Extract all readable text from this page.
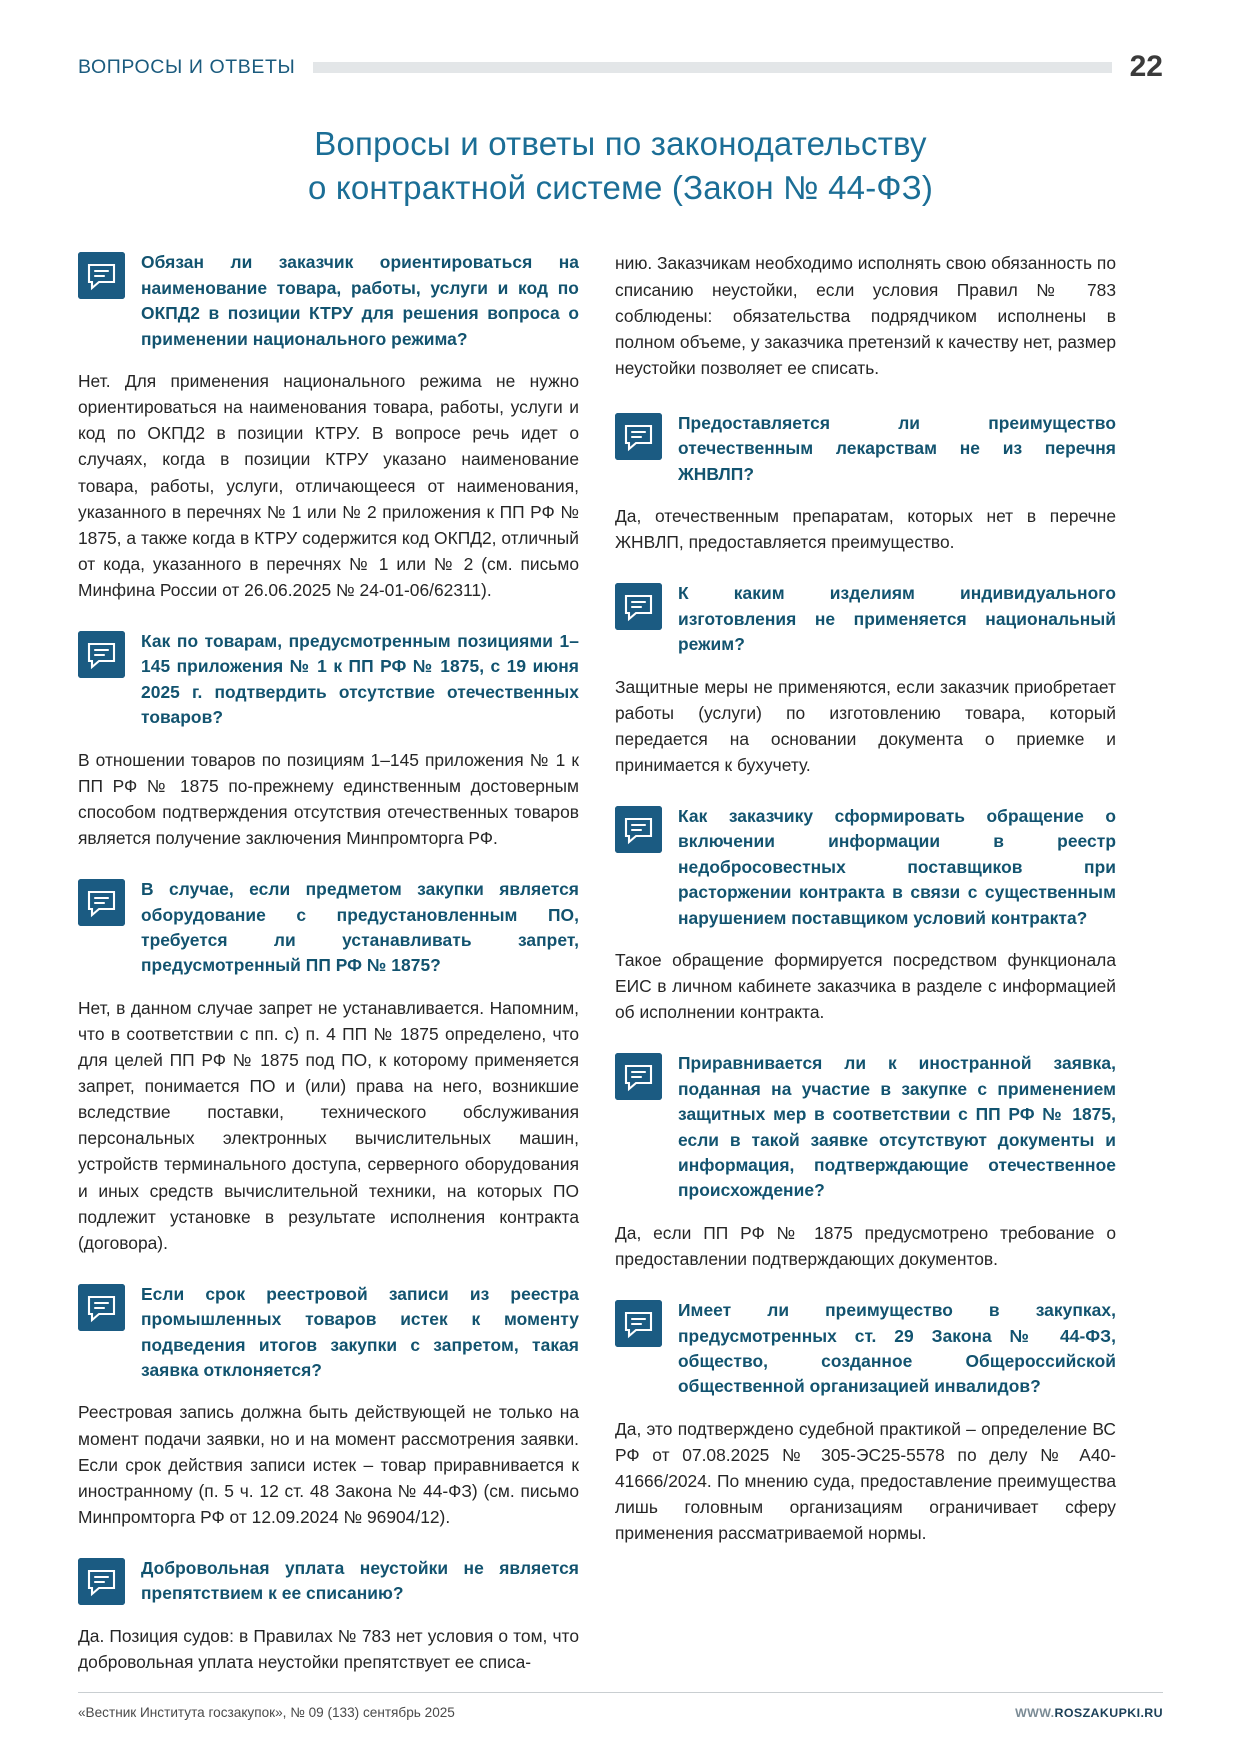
ВОПРОСЫ И ОТВЕТЫ	22
Вопросы и ответы по законодательству
о контрактной системе (Закон № 44-ФЗ)
Обязан ли заказчик ориентироваться на наименование товара, работы, услуги и код по ОКПД2 в позиции КТРУ для решения вопроса о применении национального режима?

Нет. Для применения национального режима не нужно ориентироваться на наименования товара, работы, услуги и код по ОКПД2 в позиции КТРУ. В вопросе речь идет о случаях, когда в позиции КТРУ указано наименование товара, работы, услуги, отличающееся от наименования, указанного в перечнях № 1 или № 2 приложения к ПП РФ № 1875, а также когда в КТРУ содержится код ОКПД2, отличный от кода, указанного в перечнях № 1 или № 2 (см. письмо Минфина России от 26.06.2025 № 24-01-06/62311).

Как по товарам, предусмотренным позициями 1–145 приложения № 1 к ПП РФ № 1875, с 19 июня 2025 г. подтвердить отсутствие отечественных товаров?

В отношении товаров по позициям 1–145 приложения № 1 к ПП РФ № 1875 по-прежнему единственным достоверным способом подтверждения отсутствия отечественных товаров является получение заключения Минпромторга РФ.

В случае, если предметом закупки является оборудование с предустановленным ПО, требуется ли устанавливать запрет, предусмотренный ПП РФ № 1875?

Нет, в данном случае запрет не устанавливается. Напомним, что в соответствии с пп. с) п. 4 ПП № 1875 определено, что для целей ПП РФ № 1875 под ПО, к которому применяется запрет, понимается ПО и (или) права на него, возникшие вследствие поставки, технического обслуживания персональных электронных вычислительных машин, устройств терминального доступа, серверного оборудования и иных средств вычислительной техники, на которых ПО подлежит установке в результате исполнения контракта (договора).

Если срок реестровой записи из реестра промышленных товаров истек к моменту подведения итогов закупки с запретом, такая заявка отклоняется?

Реестровая запись должна быть действующей не только на момент подачи заявки, но и на момент рассмотрения заявки. Если срок действия записи истек – товар приравнивается к иностранному (п. 5 ч. 12 ст. 48 Закона № 44-ФЗ) (см. письмо Минпромторга РФ от 12.09.2024 № 96904/12).

Добровольная уплата неустойки не является препятствием к ее списанию?

Да. Позиция судов: в Правилах № 783 нет условия о том, что добровольная уплата неустойки препятствует ее списа-

нию. Заказчикам необходимо исполнять свою обязанность по списанию неустойки, если условия Правил № 783 соблюдены: обязательства подрядчиком исполнены в полном объеме, у заказчика претензий к качеству нет, размер неустойки позволяет ее списать.

Предоставляется ли преимущество отечественным лекарствам не из перечня ЖНВЛП?

Да, отечественным препаратам, которых нет в перечне ЖНВЛП, предоставляется преимущество.

К каким изделиям индивидуального изготовления не применяется национальный режим?

Защитные меры не применяются, если заказчик приобретает работы (услуги) по изготовлению товара, который передается на основании документа о приемке и принимается к бухучету.

Как заказчику сформировать обращение о включении информации в реестр недобросовестных поставщиков при расторжении контракта в связи с существенным нарушением поставщиком условий контракта?

Такое обращение формируется посредством функционала ЕИС в личном кабинете заказчика в разделе с информацией об исполнении контракта.

Приравнивается ли к иностранной заявка, поданная на участие в закупке с применением защитных мер в соответствии с ПП РФ № 1875, если в такой заявке отсутствуют документы и информация, подтверждающие отечественное происхождение?

Да, если ПП РФ № 1875 предусмотрено требование о предоставлении подтверждающих документов.

Имеет ли преимущество в закупках, предусмотренных ст. 29 Закона № 44-ФЗ, общество, созданное Общероссийской общественной организацией инвалидов?

Да, это подтверждено судебной практикой – определение ВС РФ от 07.08.2025 № 305-ЭС25-5578 по делу № А40-41666/2024. По мнению суда, предоставление преимущества лишь головным организациям ограничивает сферу применения рассматриваемой нормы.

«Вестник Института госзакупок», № 09 (133) сентябрь 2025	WWW.ROSZAKUPKI.RU
